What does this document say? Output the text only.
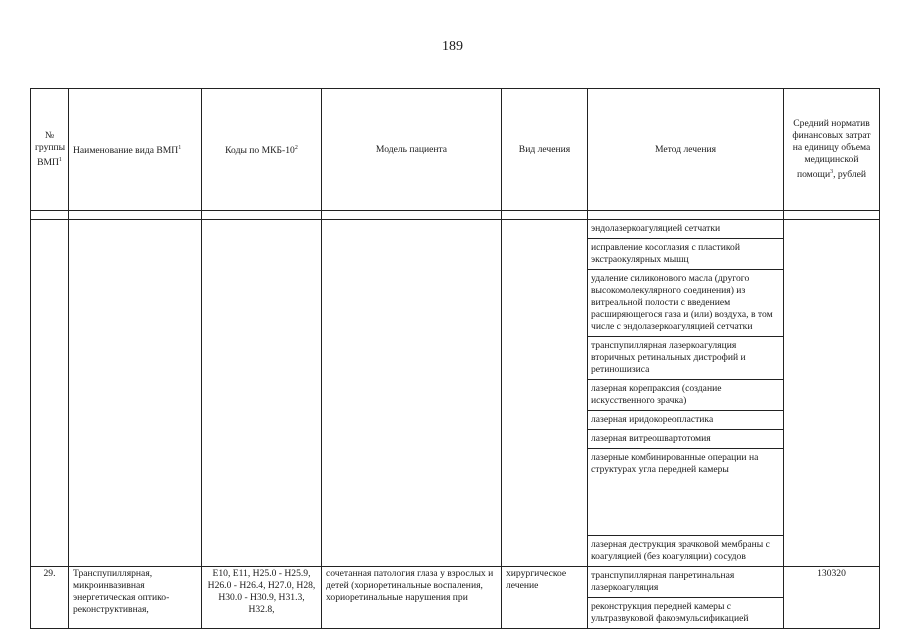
189
№ группы ВМП$^1$	Наименование вида ВМП$^1$	Коды по МКБ-$10^2$	Модель пациента	Вид лечения	Метод лечения	Средний норматив финансовых затрат на единицу объема медицинской помощи$^3$, рублей

					эндолазеркоагуляцией сетчатки	
					исправление косоглазия с пластикой экстраокулярных мышц	
					удаление силиконового масла (другого высокомолекулярного соединения) из витреальной полости с введением расширяющегося газа и (или) воздуха, в том числе с эндолазеркоагуляцией сетчатки	
					транспупиллярная лазеркоагуляция вторичных ретинальных дистрофий и ретиношизиса	
					лазерная корепраксия (создание искусственного зрачка)	
					лазерная иридокореопластика	
					лазерная витреошвартотомия	
					лазерные комбинированные операции на структурах угла передней камеры	
					лазерная деструкция зрачковой мембраны с коагуляцией (без коагуляции) сосудов	
29.	Транспупиллярная, микроинвазивная энергетическая оптико-реконструктивная,	E10, E11, H25.0 - H25.9, H26.0 - H26.4, H27.0, H28, H30.0 - H30.9, H31.3, H32.8,	сочетанная патология глаза у взрослых и детей (хориоретинальные воспаления, хориоретинальные нарушения при	хирургическое лечение	транспупиллярная панретинальная лазеркоагуляция	130320
					реконструкция передней камеры с ультразвуковой факоэмульсификацией	
